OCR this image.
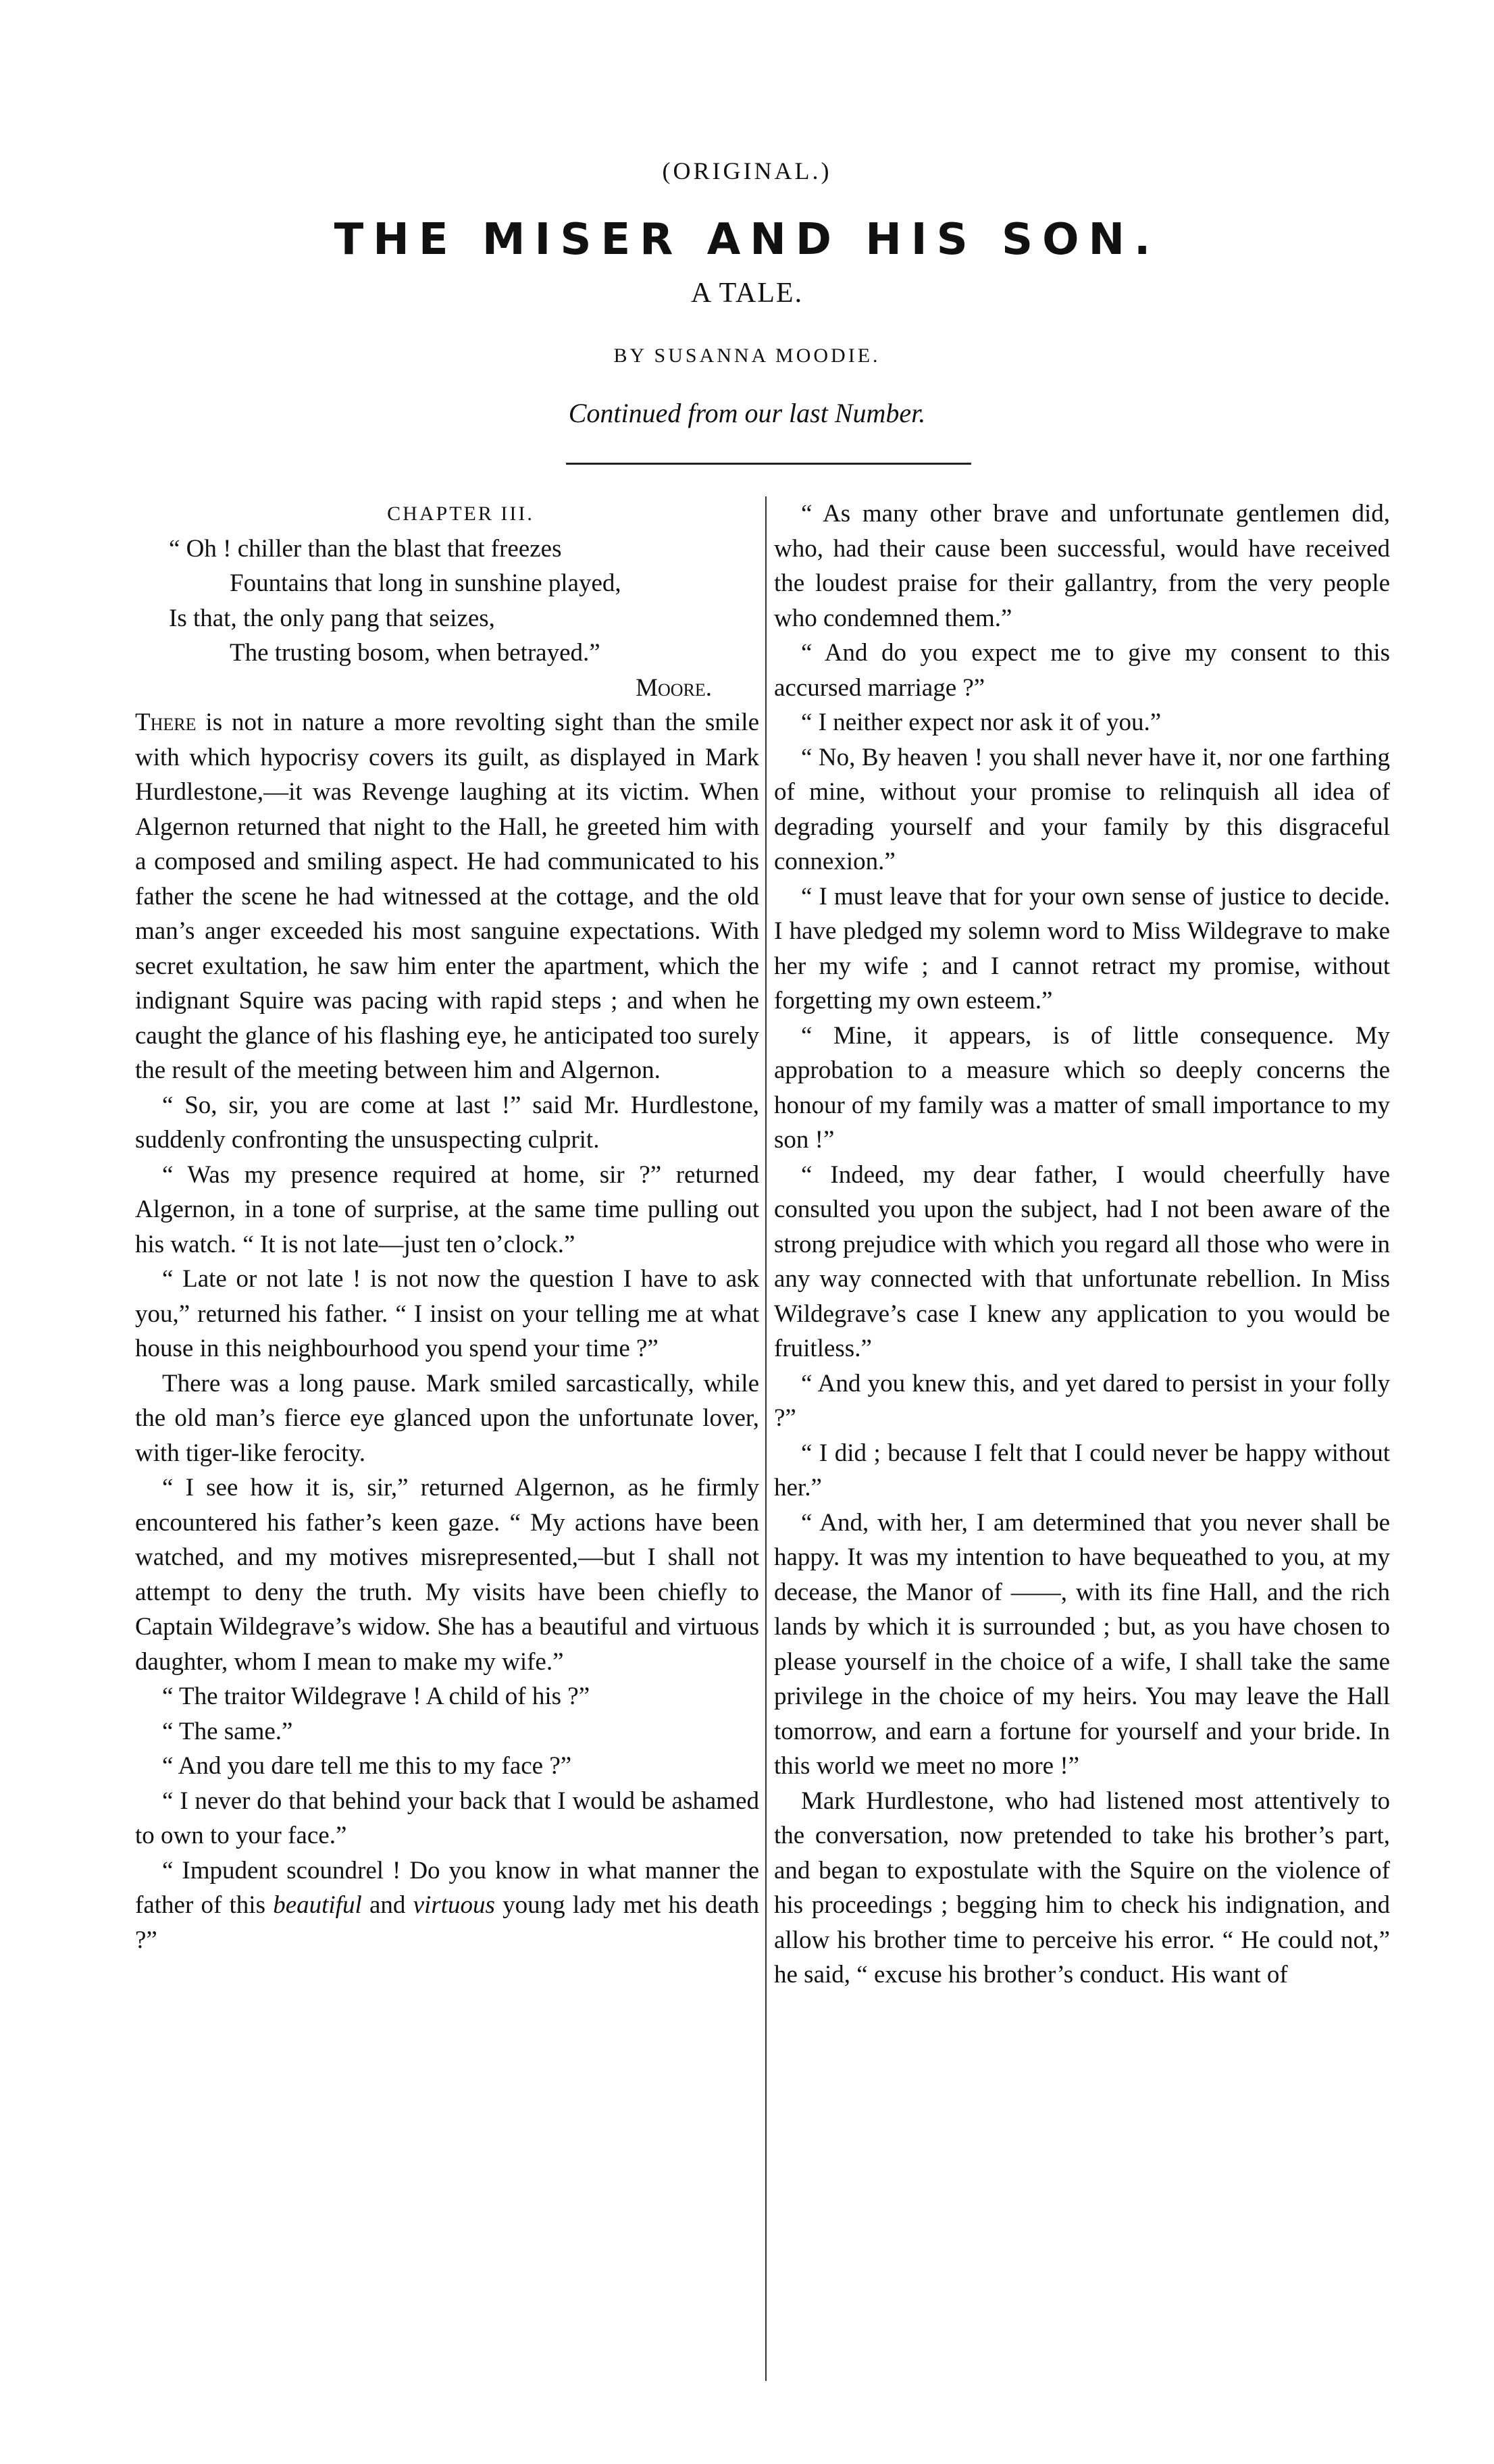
(ORIGINAL.)
THE MISER AND HIS SON.
A TALE.
BY SUSANNA MOODIE.
Continued from our last Number.

CHAPTER III.

“ Oh ! chiller than the blast that freezes
Fountains that long in sunshine played,
Is that, the only pang that seizes,
The trusting bosom, when betrayed.”
Moore.

There is not in nature a more revolting sight than the smile with which hypocrisy covers its guilt, as displayed in Mark Hurdlestone,—it was Revenge laughing at its victim. When Algernon returned that night to the Hall, he greeted him with a composed and smiling aspect. He had communicated to his father the scene he had witnessed at the cottage, and the old man’s anger exceeded his most sanguine expectations. With secret exultation, he saw him enter the apartment, which the indignant Squire was pacing with rapid steps ; and when he caught the glance of his flashing eye, he anticipated too surely the result of the meeting between him and Algernon.

“ So, sir, you are come at last !” said Mr. Hurdlestone, suddenly confronting the unsuspecting culprit.

“ Was my presence required at home, sir ?” returned Algernon, in a tone of surprise, at the same time pulling out his watch. “ It is not late—just ten o’clock.”

“ Late or not late ! is not now the question I have to ask you,” returned his father. “ I insist on your telling me at what house in this neighbourhood you spend your time ?”

There was a long pause. Mark smiled sarcastically, while the old man’s fierce eye glanced upon the unfortunate lover, with tiger-like ferocity.

“ I see how it is, sir,” returned Algernon, as he firmly encountered his father’s keen gaze. “ My actions have been watched, and my motives misrepresented,—but I shall not attempt to deny the truth. My visits have been chiefly to Captain Wildegrave’s widow. She has a beautiful and virtuous daughter, whom I mean to make my wife.”

“ The traitor Wildegrave ! A child of his ?”

“ The same.”

“ And you dare tell me this to my face ?”

“ I never do that behind your back that I would be ashamed to own to your face.”

“ Impudent scoundrel ! Do you know in what manner the father of this beautiful and virtuous young lady met his death ?”

“ As many other brave and unfortunate gentlemen did, who, had their cause been successful, would have received the loudest praise for their gallantry, from the very people who condemned them.”

“ And do you expect me to give my consent to this accursed marriage ?”

“ I neither expect nor ask it of you.”

“ No, By heaven ! you shall never have it, nor one farthing of mine, without your promise to relinquish all idea of degrading yourself and your family by this disgraceful connexion.”

“ I must leave that for your own sense of justice to decide. I have pledged my solemn word to Miss Wildegrave to make her my wife ; and I cannot retract my promise, without forgetting my own esteem.”

“ Mine, it appears, is of little consequence. My approbation to a measure which so deeply concerns the honour of my family was a matter of small importance to my son !”

“ Indeed, my dear father, I would cheerfully have consulted you upon the subject, had I not been aware of the strong prejudice with which you regard all those who were in any way connected with that unfortunate rebellion. In Miss Wildegrave’s case I knew any application to you would be fruitless.”

“ And you knew this, and yet dared to persist in your folly ?”

“ I did ; because I felt that I could never be happy without her.”

“ And, with her, I am determined that you never shall be happy. It was my intention to have bequeathed to you, at my decease, the Manor of ——, with its fine Hall, and the rich lands by which it is surrounded ; but, as you have chosen to please yourself in the choice of a wife, I shall take the same privilege in the choice of my heirs. You may leave the Hall tomorrow, and earn a fortune for yourself and your bride. In this world we meet no more !”

Mark Hurdlestone, who had listened most attentively to the conversation, now pretended to take his brother’s part, and began to expostulate with the Squire on the violence of his proceedings ; begging him to check his indignation, and allow his brother time to perceive his error. “ He could not,” he said, “ excuse his brother’s conduct. His want of
